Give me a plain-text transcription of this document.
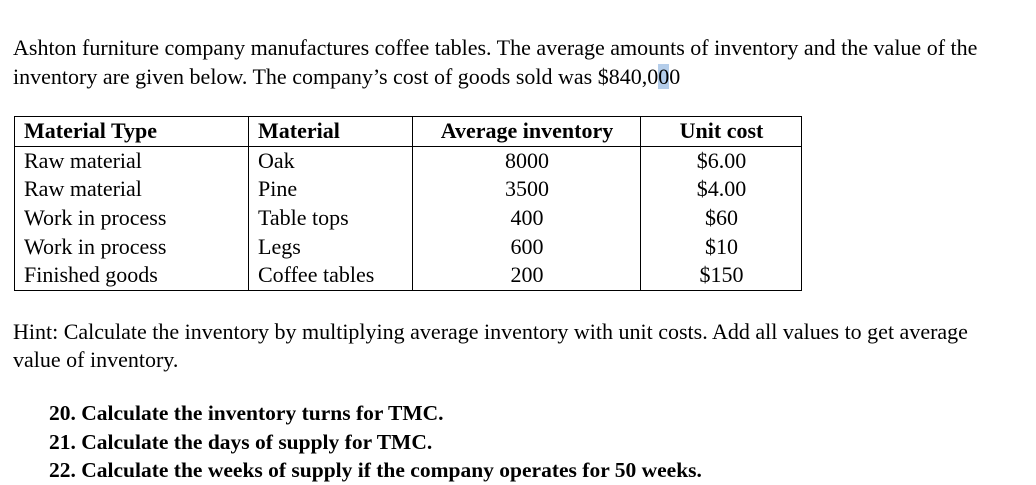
Ashton furniture company manufactures coffee tables. The average amounts of inventory and the value of the inventory are given below. The company’s cost of goods sold was $840,000

Material Type	Material	Average inventory	Unit cost
Raw material	Oak	8000	$6.00
Raw material	Pine	3500	$4.00
Work in process	Table tops	400	$60
Work in process	Legs	600	$10
Finished goods	Coffee tables	200	$150

Hint: Calculate the inventory by multiplying average inventory with unit costs. Add all values to get average value of inventory.

20. Calculate the inventory turns for TMC.
21. Calculate the days of supply for TMC.
22. Calculate the weeks of supply if the company operates for 50 weeks.
